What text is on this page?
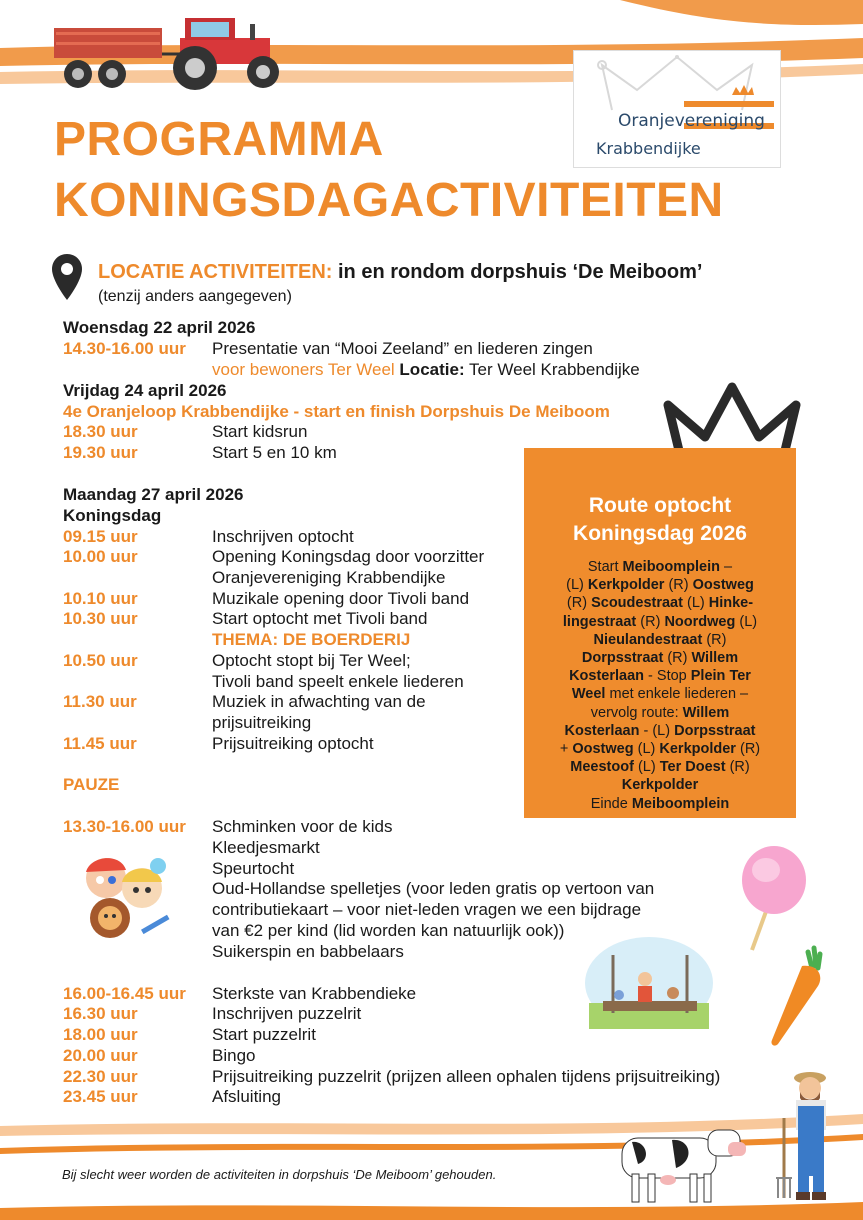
Oranjevereniging
Krabbendijke
PROGRAMMA
KONINGSDAGACTIVITEITEN
LOCATIE ACTIVITEITEN: in en rondom dorpshuis ‘De Meiboom’
(tenzij anders aangegeven)
Woensdag 22 april 2026
14.30-16.00 uur Presentatie van “Mooi Zeeland” en liederen zingen
voor bewoners Ter Weel Locatie: Ter Weel Krabbendijke
Vrijdag 24 april 2026
4e Oranjeloop Krabbendijke - start en finish Dorpshuis De Meiboom
18.30 uur	Start kidsrun
19.30 uur	Start 5 en 10 km
Maandag 27 april 2026
Koningsdag
09.15 uur	Inschrijven optocht
10.00 uur	Opening Koningsdag door voorzitter
Oranjevereniging Krabbendijke
10.10 uur	Muzikale opening door Tivoli band
10.30 uur	Start optocht met Tivoli band
THEMA: DE BOERDERIJ
10.50 uur	Optocht stopt bij Ter Weel;
Tivoli band speelt enkele liederen
11.30 uur	Muziek in afwachting van de
prijsuitreiking
11.45 uur	Prijsuitreiking optocht
PAUZE
13.30-16.00 uur Schminken voor de kids
Kleedjesmarkt
Speurtocht
Oud-Hollandse spelletjes (voor leden gratis op vertoon van
contributiekaart – voor niet-leden vragen we een bijdrage
van €2 per kind (lid worden kan natuurlijk ook))
Suikerspin en babbelaars
16.00-16.45 uur Sterkste van Krabbendieke
16.30 uur	Inschrijven puzzelrit
18.00 uur	Start puzzelrit
20.00 uur	Bingo
22.30 uur	Prijsuitreiking puzzelrit (prijzen alleen ophalen tijdens prijsuitreiking)
23.45 uur	Afsluiting
Route optocht
Koningsdag 2026
Start Meiboomplein –
(L) Kerkpolder (R) Oostweg
(R) Scoudestraat (L) Hinke-
lingestraat (R) Noordweg (L)
Nieulandestraat (R)
Dorpsstraat (R) Willem
Kosterlaan - Stop Plein Ter
Weel met enkele liederen –
vervolg route: Willem
Kosterlaan - (L) Dorpsstraat
+ Oostweg (L) Kerkpolder (R)
Meestoof (L) Ter Doest (R)
Kerkpolder
Einde Meiboomplein
Bij slecht weer worden de activiteiten in dorpshuis ‘De Meiboom’ gehouden.
